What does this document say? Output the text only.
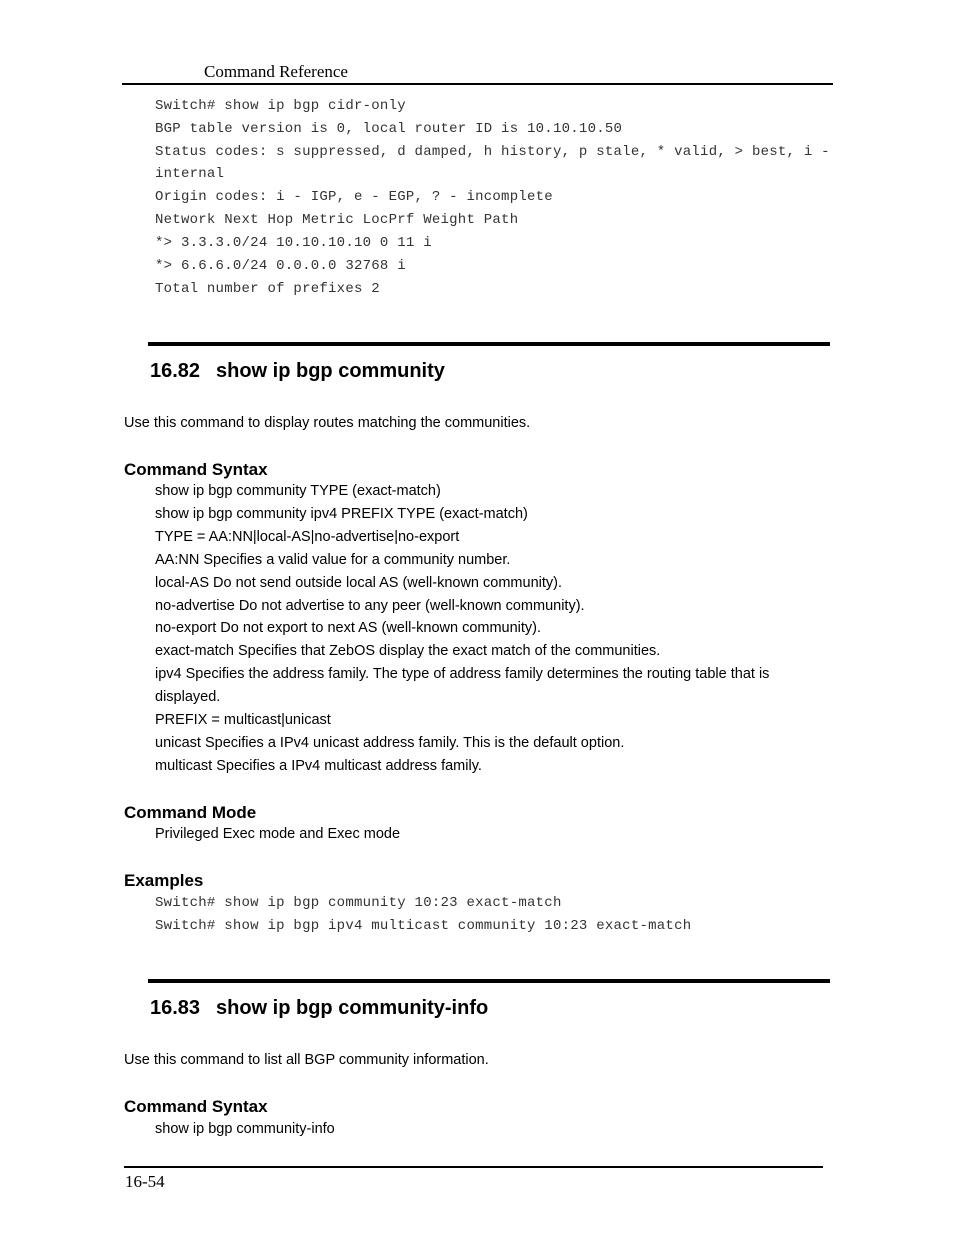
Command Reference
Switch# show ip bgp cidr-only
BGP table version is 0, local router ID is 10.10.10.50
Status codes: s suppressed, d damped, h history, p stale, * valid, > best, i -
internal
Origin codes: i - IGP, e - EGP, ? - incomplete
Network Next Hop Metric LocPrf Weight Path
*> 3.3.3.0/24 10.10.10.10 0 11 i
*> 6.6.6.0/24 0.0.0.0 32768 i
Total number of prefixes 2
16.82 show ip bgp community
Use this command to display routes matching the communities.
Command Syntax
show ip bgp community TYPE (exact-match)
show ip bgp community ipv4 PREFIX TYPE (exact-match)
TYPE = AA:NN|local-AS|no-advertise|no-export
AA:NN Specifies a valid value for a community number.
local-AS Do not send outside local AS (well-known community).
no-advertise Do not advertise to any peer (well-known community).
no-export Do not export to next AS (well-known community).
exact-match Specifies that ZebOS display the exact match of the communities.
ipv4 Specifies the address family. The type of address family determines the routing table that is
displayed.
PREFIX = multicast|unicast
unicast Specifies a IPv4 unicast address family. This is the default option.
multicast Specifies a IPv4 multicast address family.
Command Mode
Privileged Exec mode and Exec mode
Examples
Switch# show ip bgp community 10:23 exact-match
Switch# show ip bgp ipv4 multicast community 10:23 exact-match
16.83 show ip bgp community-info
Use this command to list all BGP community information.
Command Syntax
show ip bgp community-info
16-54
